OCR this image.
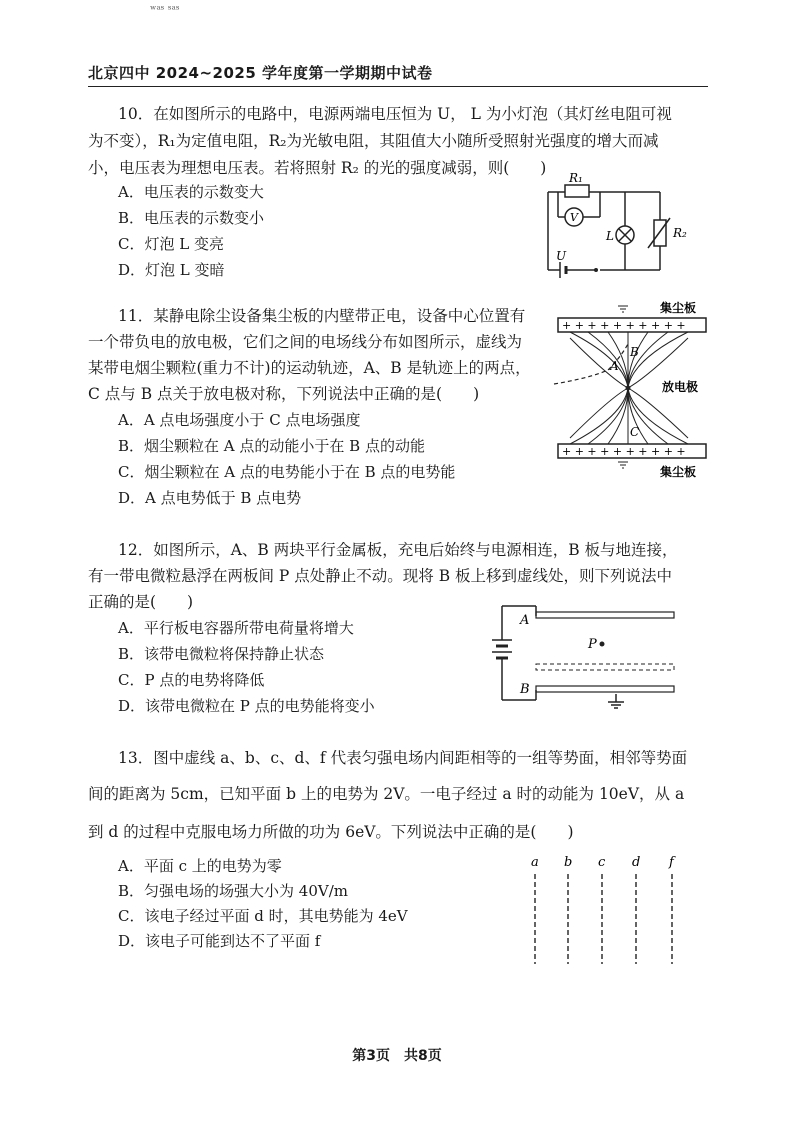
ʷᵃˢ ˢᵃˢ
北京四中 2024~2025 学年度第一学期期中试卷
10．在如图所示的电路中，电源两端电压恒为 U， L 为小灯泡（其灯丝电阻可视
为不变），R₁为定值电阻，R₂为光敏电阻，其阻值大小随所受照射光强度的增大而减
小，电压表为理想电压表。若将照射 R₂ 的光的强度减弱，则(　　)
A．电压表的示数变大
B．电压表的示数变小
C．灯泡 L 变亮
D．灯泡 L 变暗
R₁
V
L	R₂
U
11．某静电除尘设备集尘板的内壁带正电，设备中心位置有
一个带负电的放电极，它们之间的电场线分布如图所示，虚线为
某带电烟尘颗粒(重力不计)的运动轨迹，A、B 是轨迹上的两点，
C 点与 B 点关于放电极对称，下列说法中正确的是(　　)
A．A 点电场强度小于 C 点电场强度
B．烟尘颗粒在 A 点的动能小于在 B 点的动能
C．烟尘颗粒在 A 点的电势能小于在 B 点的电势能
D．A 点电势低于 B 点电势
+ + + + + + + + + +
+ + + + + + + + + +
集尘板
集尘板
放电极
A
B
C
12．如图所示，A、B 两块平行金属板，充电后始终与电源相连，B 板与地连接，
有一带电微粒悬浮在两板间 P 点处静止不动。现将 B 板上移到虚线处，则下列说法中
正确的是(　　)
A．平行板电容器所带电荷量将增大
B．该带电微粒将保持静止状态
C．P 点的电势将降低
D．该带电微粒在 P 点的电势能将变小
A
B
P
13．图中虚线 a、b、c、d、f 代表匀强电场内间距相等的一组等势面，相邻等势面
间的距离为 5cm，已知平面 b 上的电势为 2V。一电子经过 a 时的动能为 10eV，从 a
到 d 的过程中克服电场力所做的功为 6eV。下列说法中正确的是(　　)
A．平面 c 上的电势为零
B．匀强电场的场强大小为 40V/m
C．该电子经过平面 d 时，其电势能为 4eV
D．该电子可能到达不了平面 f
a b c d f
第3页　共8页
